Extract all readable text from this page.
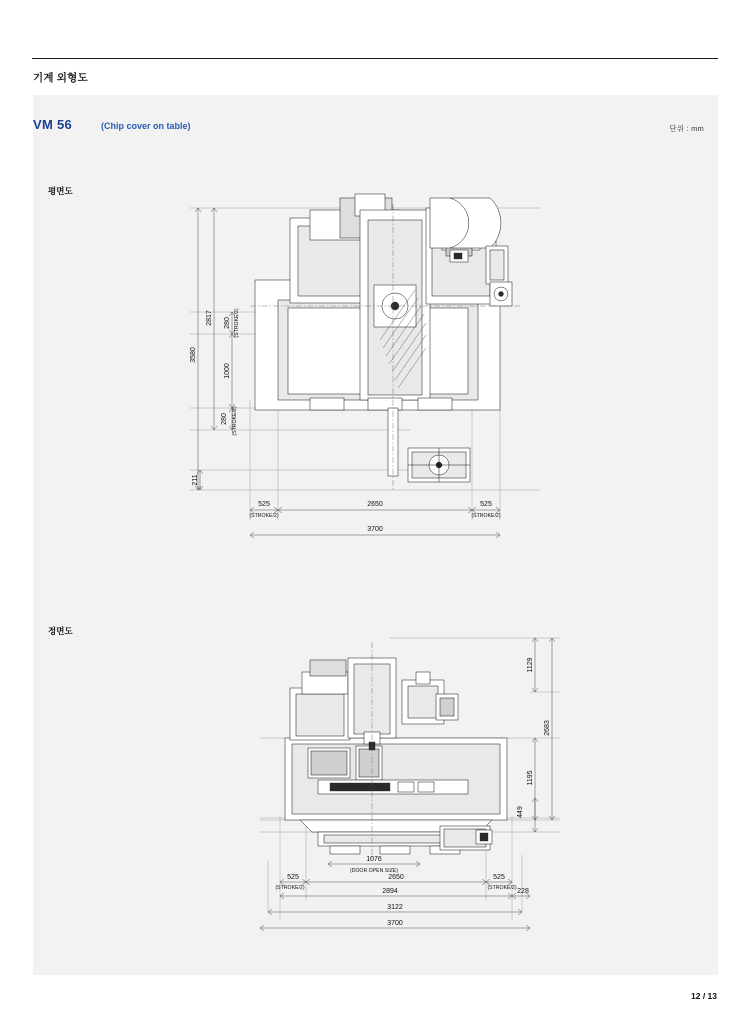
기계 외형도
VM 56	(Chip cover on table)	단위 : mm
평면도
정면도
3580
2817 280 (STROKE/2)
1000
280 (STROKE/2)
211
525
(STROKE/2)
2650	525
(STROKE/2)
3700
1129
2683
1195
449
1076
(DOOR OPEN SIZE)
525
(STROKE/2)
2650	525
(STROKE/2)
2894	228
3122
3700
12 / 13
